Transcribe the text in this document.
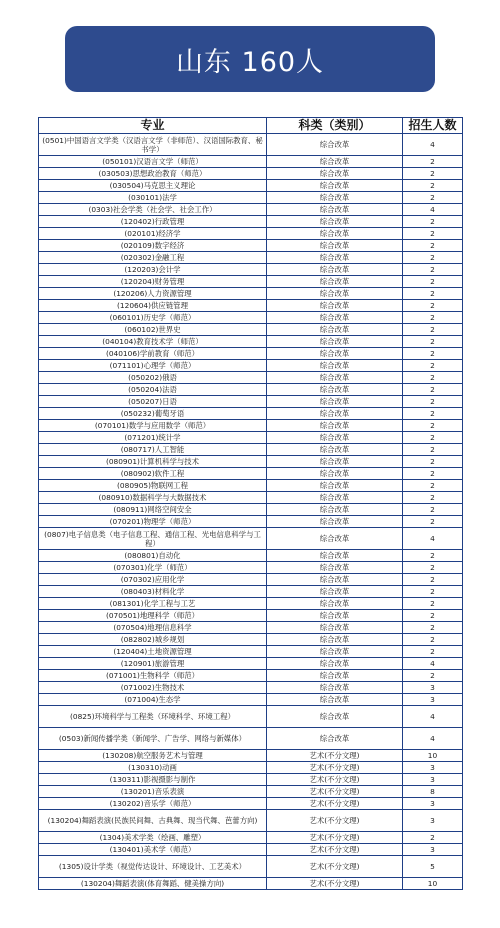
山东 160人
专业	科类（类别）	招生人数
(0501)中国语言文学类（汉语言文学（非师范）、汉语国际教育、秘书学）	综合改革	4
(050101)汉语言文学（师范）	综合改革	2
(030503)思想政治教育（师范）	综合改革	2
(030504)马克思主义理论	综合改革	2
(030101)法学	综合改革	2
(0303)社会学类（社会学、社会工作）	综合改革	4
(120402)行政管理	综合改革	2
(020101)经济学	综合改革	2
(020109)数字经济	综合改革	2
(020302)金融工程	综合改革	2
(120203)会计学	综合改革	2
(120204)财务管理	综合改革	2
(120206)人力资源管理	综合改革	2
(120604)供应链管理	综合改革	2
(060101)历史学（师范）	综合改革	2
(060102)世界史	综合改革	2
(040104)教育技术学（师范）	综合改革	2
(040106)学前教育（师范）	综合改革	2
(071101)心理学（师范）	综合改革	2
(050202)俄语	综合改革	2
(050204)法语	综合改革	2
(050207)日语	综合改革	2
(050232)葡萄牙语	综合改革	2
(070101)数学与应用数学（师范）	综合改革	2
(071201)统计学	综合改革	2
(080717)人工智能	综合改革	2
(080901)计算机科学与技术	综合改革	2
(080902)软件工程	综合改革	2
(080905)物联网工程	综合改革	2
(080910)数据科学与大数据技术	综合改革	2
(080911)网络空间安全	综合改革	2
(070201)物理学（师范）	综合改革	2
(0807)电子信息类（电子信息工程、通信工程、光电信息科学与工程）	综合改革	4
(080801)自动化	综合改革	2
(070301)化学（师范）	综合改革	2
(070302)应用化学	综合改革	2
(080403)材料化学	综合改革	2
(081301)化学工程与工艺	综合改革	2
(070501)地理科学（师范）	综合改革	2
(070504)地理信息科学	综合改革	2
(082802)城乡规划	综合改革	2
(120404)土地资源管理	综合改革	2
(120901)旅游管理	综合改革	4
(071001)生物科学（师范）	综合改革	2
(071002)生物技术	综合改革	3
(071004)生态学	综合改革	3
(0825)环境科学与工程类（环境科学、环境工程）	综合改革	4
(0503)新闻传播学类（新闻学、广告学、网络与新媒体）	综合改革	4
(130208)航空服务艺术与管理	艺术(不分文理)	10
(130310)动画	艺术(不分文理)	3
(130311)影视摄影与制作	艺术(不分文理)	3
(130201)音乐表演	艺术(不分文理)	8
(130202)音乐学（师范）	艺术(不分文理)	3
(130204)舞蹈表演(民族民间舞、古典舞、现当代舞、芭蕾方向)	艺术(不分文理)	3
(1304)美术学类（绘画、雕塑）	艺术(不分文理)	2
(130401)美术学（师范）	艺术(不分文理)	3
(1305)设计学类（视觉传达设计、环境设计、工艺美术）	艺术(不分文理)	5
(130204)舞蹈表演(体育舞蹈、健美操方向)	艺术(不分文理)	10
